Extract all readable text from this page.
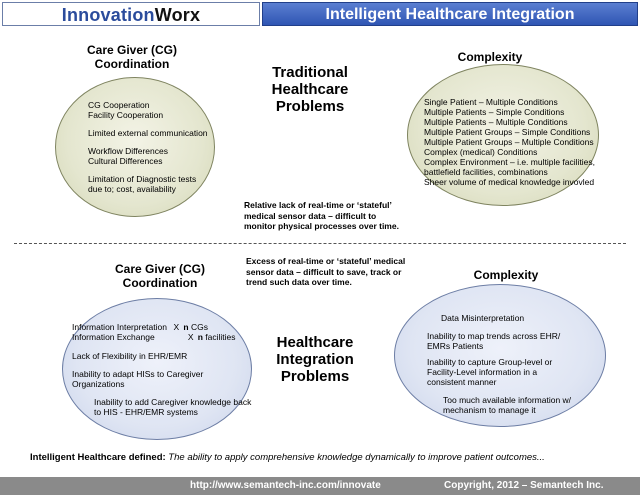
InnovationWorx	Intelligent Healthcare Integration
Care Giver (CG)
Coordination
CG Cooperation
Facility Cooperation
Limited external communication
Workflow Differences
Cultural Differences
Limitation of Diagnostic tests
due to; cost, availability
Traditional
Healthcare
Problems
Complexity
Single Patient – Multiple Conditions
Multiple Patients – Simple Conditions
Multiple Patients – Multiple Conditions
Multiple Patient Groups – Simple Conditions
Multiple Patient Groups – Multiple Conditions
Complex (medical) Conditions
Complex Environment – i.e. multiple facilities,
battlefield facilities, combinations
Sheer volume of medical knowledge invovled
Relative lack of real-time or ‘stateful’
medical sensor data – difficult to
monitor physical processes over time.
Excess of real-time or ‘stateful’ medical
sensor data – difficult to save, track or
trend such data over time.
Care Giver (CG)
Coordination
Information Interpretation X n CGs
Information Exchange	X n facilities
Lack of Flexibility in EHR/EMR
Inability to adapt HISs to Caregiver
Organizations
Inability to add Caregiver knowledge back
to HIS - EHR/EMR systems
Healthcare
Integration
Problems
Complexity
Data Misinterpretation
Inability to map trends across EHR/
EMRs Patients
Inability to capture Group-level or
Facility-Level information in a
consistent manner
Too much available information w/
mechanism to manage it
Intelligent Healthcare defined: The ability to apply comprehensive knowledge dynamically to improve patient outcomes...
http://www.semantech-inc.com/innovate	Copyright, 2012 – Semantech Inc.
